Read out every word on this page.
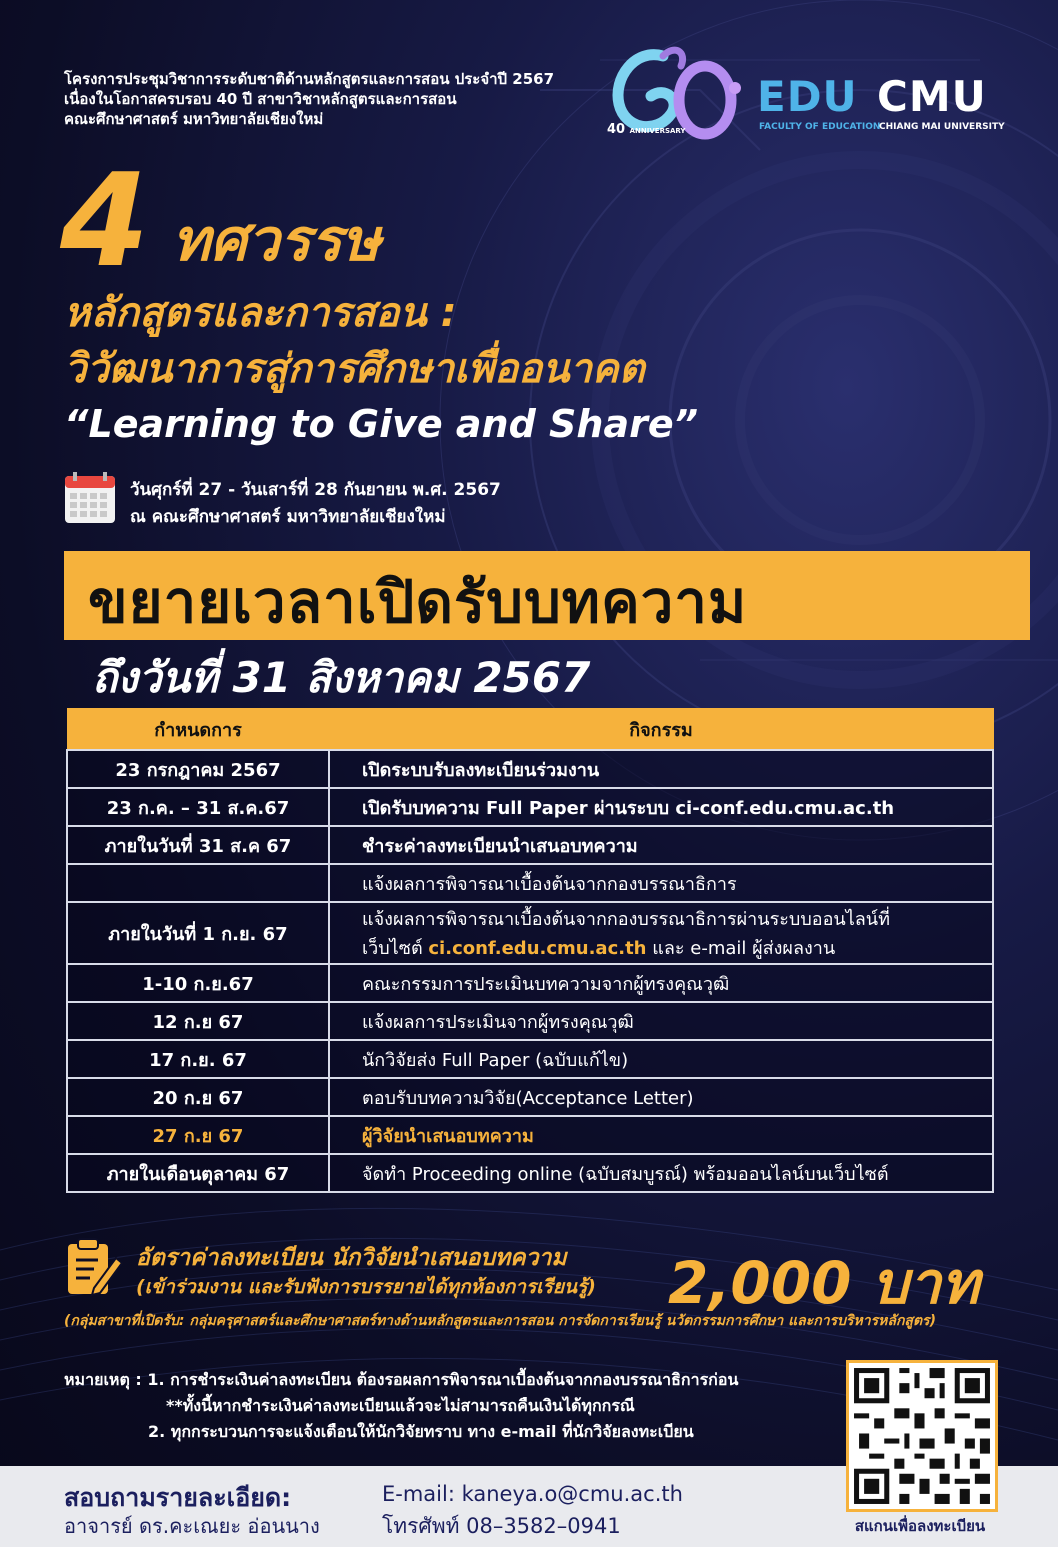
โครงการประชุมวิชาการระดับชาติด้านหลักสูตรและการสอน ประจำปี 2567
เนื่องในโอกาสครบรอบ 40 ปี สาขาวิชาหลักสูตรและการสอน
คณะศึกษาศาสตร์ มหาวิทยาลัยเชียงใหม่
40 ANNIVERSARY
EDU CMU
FACULTY OF EDUCATION
CHIANG MAI UNIVERSITY
4 ทศวรรษ
หลักสูตรและการสอน :
วิวัฒนาการสู่การศึกษาเพื่ออนาคต
“Learning to Give and Share”
วันศุกร์ที่ 27 - วันเสาร์ที่ 28 กันยายน พ.ศ. 2567
ณ คณะศึกษาศาสตร์ มหาวิทยาลัยเชียงใหม่
ขยายเวลาเปิดรับบทความ
ถึงวันที่ 31 สิงหาคม 2567
กำหนดการ	กิจกรรม
23 กรกฎาคม 2567	เปิดระบบรับลงทะเบียนร่วมงาน
23 ก.ค. – 31 ส.ค.67	เปิดรับบทความ Full Paper ผ่านระบบ ci-conf.edu.cmu.ac.th
ภายในวันที่ 31 ส.ค 67	ชำระค่าลงทะเบียนนำเสนอบทความ
	แจ้งผลการพิจารณาเบื้องต้นจากกองบรรณาธิการ
ภายในวันที่ 1 ก.ย. 67	แจ้งผลการพิจารณาเบื้องต้นจากกองบรรณาธิการผ่านระบบออนไลน์ที่
เว็บไซต์ ci.conf.edu.cmu.ac.th และ e-mail ผู้ส่งผลงาน

1-10 ก.ย.67	คณะกรรมการประเมินบทความจากผู้ทรงคุณวุฒิ
12 ก.ย 67	แจ้งผลการประเมินจากผู้ทรงคุณวุฒิ
17 ก.ย. 67	นักวิจัยส่ง Full Paper (ฉบับแก้ไข)
20 ก.ย 67	ตอบรับบทความวิจัย(Acceptance Letter)
27 ก.ย 67	ผู้วิจัยนำเสนอบทความ
ภายในเดือนตุลาคม 67	จัดทำ Proceeding online (ฉบับสมบูรณ์) พร้อมออนไลน์บนเว็บไซต์
อัตราค่าลงทะเบียน นักวิจัยนำเสนอบทความ
(เข้าร่วมงาน และรับฟังการบรรยายได้ทุกห้องการเรียนรู้) 2,000 บาท
(กลุ่มสาขาที่เปิดรับ: กลุ่มครุศาสตร์และศึกษาศาสตร์ทางด้านหลักสูตรและการสอน การจัดการเรียนรู้ นวัตกรรมการศึกษา และการบริหารหลักสูตร)
หมายเหตุ : 1. การชำระเงินค่าลงทะเบียน ต้องรอผลการพิจารณาเบื้องต้นจากกองบรรณาธิการก่อน
**ทั้งนี้หากชำระเงินค่าลงทะเบียนแล้วจะไม่สามารถคืนเงินได้ทุกกรณี
2. ทุกกระบวนการจะแจ้งเตือนให้นักวิจัยทราบ ทาง e-mail ที่นักวิจัยลงทะเบียน
สอบถามรายละเอียด:
อาจารย์ ดร.คะเณยะ อ่อนนาง
E-mail: kaneya.o@cmu.ac.th
โทรศัพท์ 08–3582–0941	สแกนเพื่อลงทะเบียน
